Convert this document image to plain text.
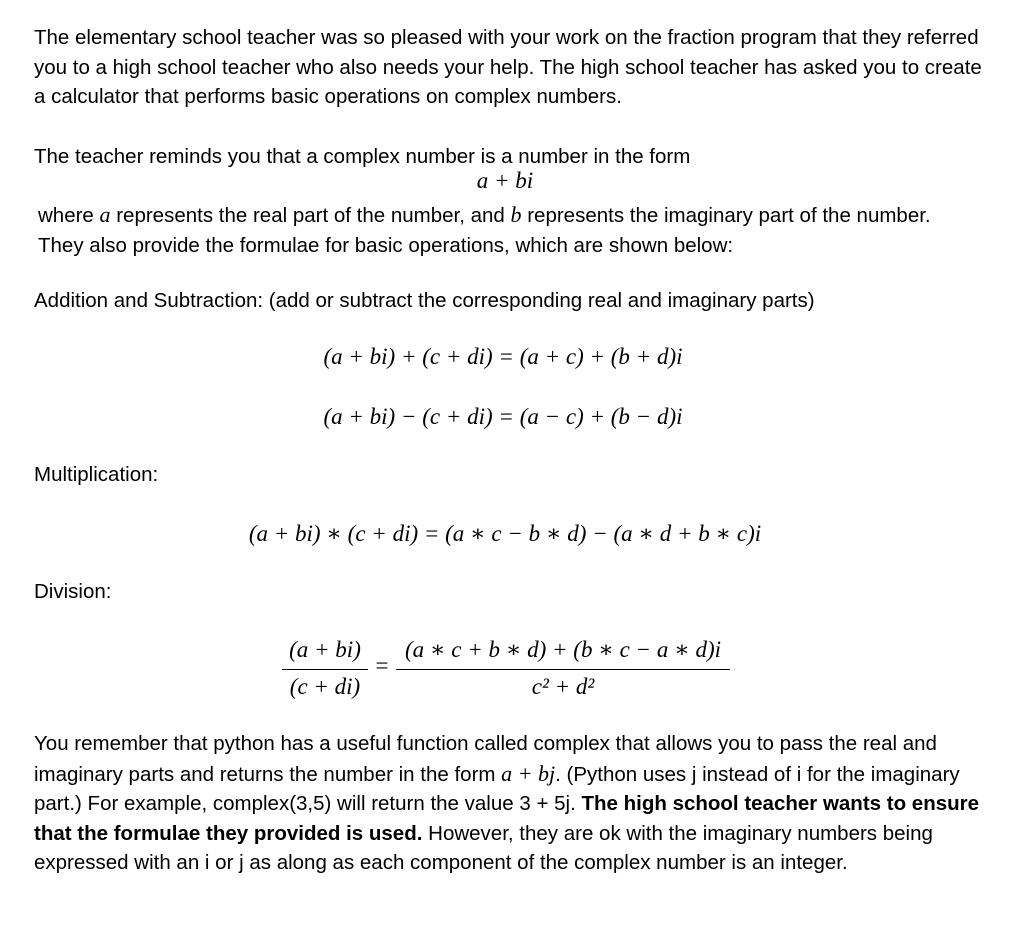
The elementary school teacher was so pleased with your work on the fraction program that they referred you to a high school teacher who also needs your help. The high school teacher has asked you to create a calculator that performs basic operations on complex numbers.

The teacher reminds you that a complex number is a number in the form

a + bi

where a represents the real part of the number, and b represents the imaginary part of the number. They also provide the formulae for basic operations, which are shown below:

Addition and Subtraction: (add or subtract the corresponding real and imaginary parts)

(a + bi) + (c + di) = (a + c) + (b + d)i
(a + bi) − (c + di) = (a − c) + (b − d)i

Multiplication:

(a + bi) ∗ (c + di) = (a ∗ c − b ∗ d) − (a ∗ d + b ∗ c)i

Division:

(a + bi)
(c + di)
=
(a ∗ c + b ∗ d) + (b ∗ c − a ∗ d)i
c² + d²

You remember that python has a useful function called complex that allows you to pass the real and imaginary parts and returns the number in the form a + bj. (Python uses j instead of i for the imaginary part.) For example, complex(3,5) will return the value 3 + 5j. The high school teacher wants to ensure that the formulae they provided is used. However, they are ok with the imaginary numbers being expressed with an i or j as along as each component of the complex number is an integer.
